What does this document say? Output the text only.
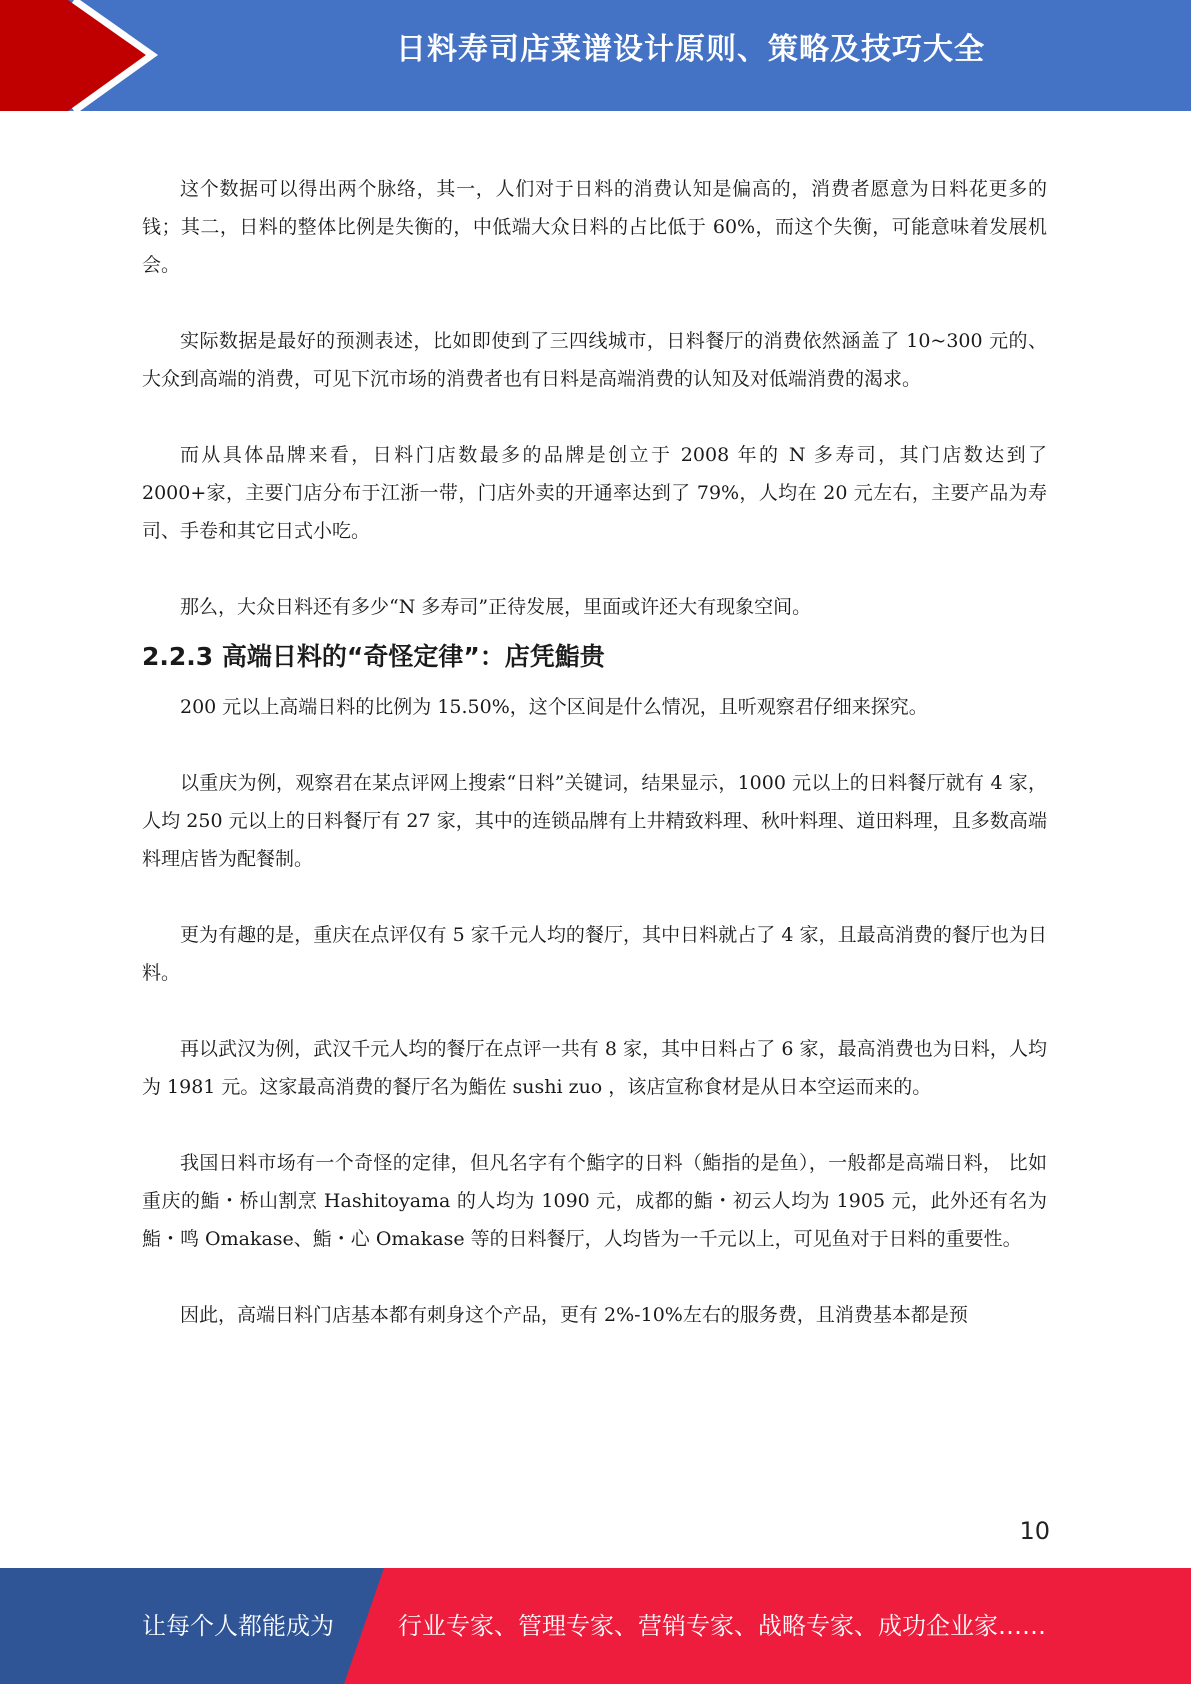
日料寿司店菜谱设计原则、策略及技巧大全

这个数据可以得出两个脉络，其一，人们对于日料的消费认知是偏高的，消费者愿意为日料花更多的钱；其二，日料的整体比例是失衡的，中低端大众日料的占比低于 60%，而这个失衡，可能意味着发展机会。

实际数据是最好的预测表述，比如即使到了三四线城市，日料餐厅的消费依然涵盖了 10~300 元的、大众到高端的消费，可见下沉市场的消费者也有日料是高端消费的认知及对低端消费的渴求。

而从具体品牌来看，日料门店数最多的品牌是创立于 2008 年的 N 多寿司，其门店数达到了 2000+家，主要门店分布于江浙一带，门店外卖的开通率达到了 79%，人均在 20 元左右，主要产品为寿司、手卷和其它日式小吃。

那么，大众日料还有多少“N 多寿司”正待发展，里面或许还大有现象空间。

2.2.3 高端日料的“奇怪定律”：店凭鮨贵

200 元以上高端日料的比例为 15.50%，这个区间是什么情况，且听观察君仔细来探究。

以重庆为例，观察君在某点评网上搜索“日料”关键词，结果显示，1000 元以上的日料餐厅就有 4 家，人均 250 元以上的日料餐厅有 27 家，其中的连锁品牌有上井精致料理、秋叶料理、道田料理，且多数高端料理店皆为配餐制。

更为有趣的是，重庆在点评仅有 5 家千元人均的餐厅，其中日料就占了 4 家，且最高消费的餐厅也为日料。

再以武汉为例，武汉千元人均的餐厅在点评一共有 8 家，其中日料占了 6 家，最高消费也为日料，人均为 1981 元。这家最高消费的餐厅名为鮨佐 sushi zuo ，该店宣称食材是从日本空运而来的。

我国日料市场有一个奇怪的定律，但凡名字有个鮨字的日料（鮨指的是鱼），一般都是高端日料， 比如重庆的鮨・桥山割烹 Hashitoyama 的人均为 1090 元，成都的鮨・初云人均为 1905 元，此外还有名为鮨・鸣 Omakase、鮨・心 Omakase 等的日料餐厅，人均皆为一千元以上，可见鱼对于日料的重要性。

因此，高端日料门店基本都有刺身这个产品，更有 2%-10%左右的服务费，且消费基本都是预

10
让每个人都能成为	行业专家、管理专家、营销专家、战略专家、成功企业家……
